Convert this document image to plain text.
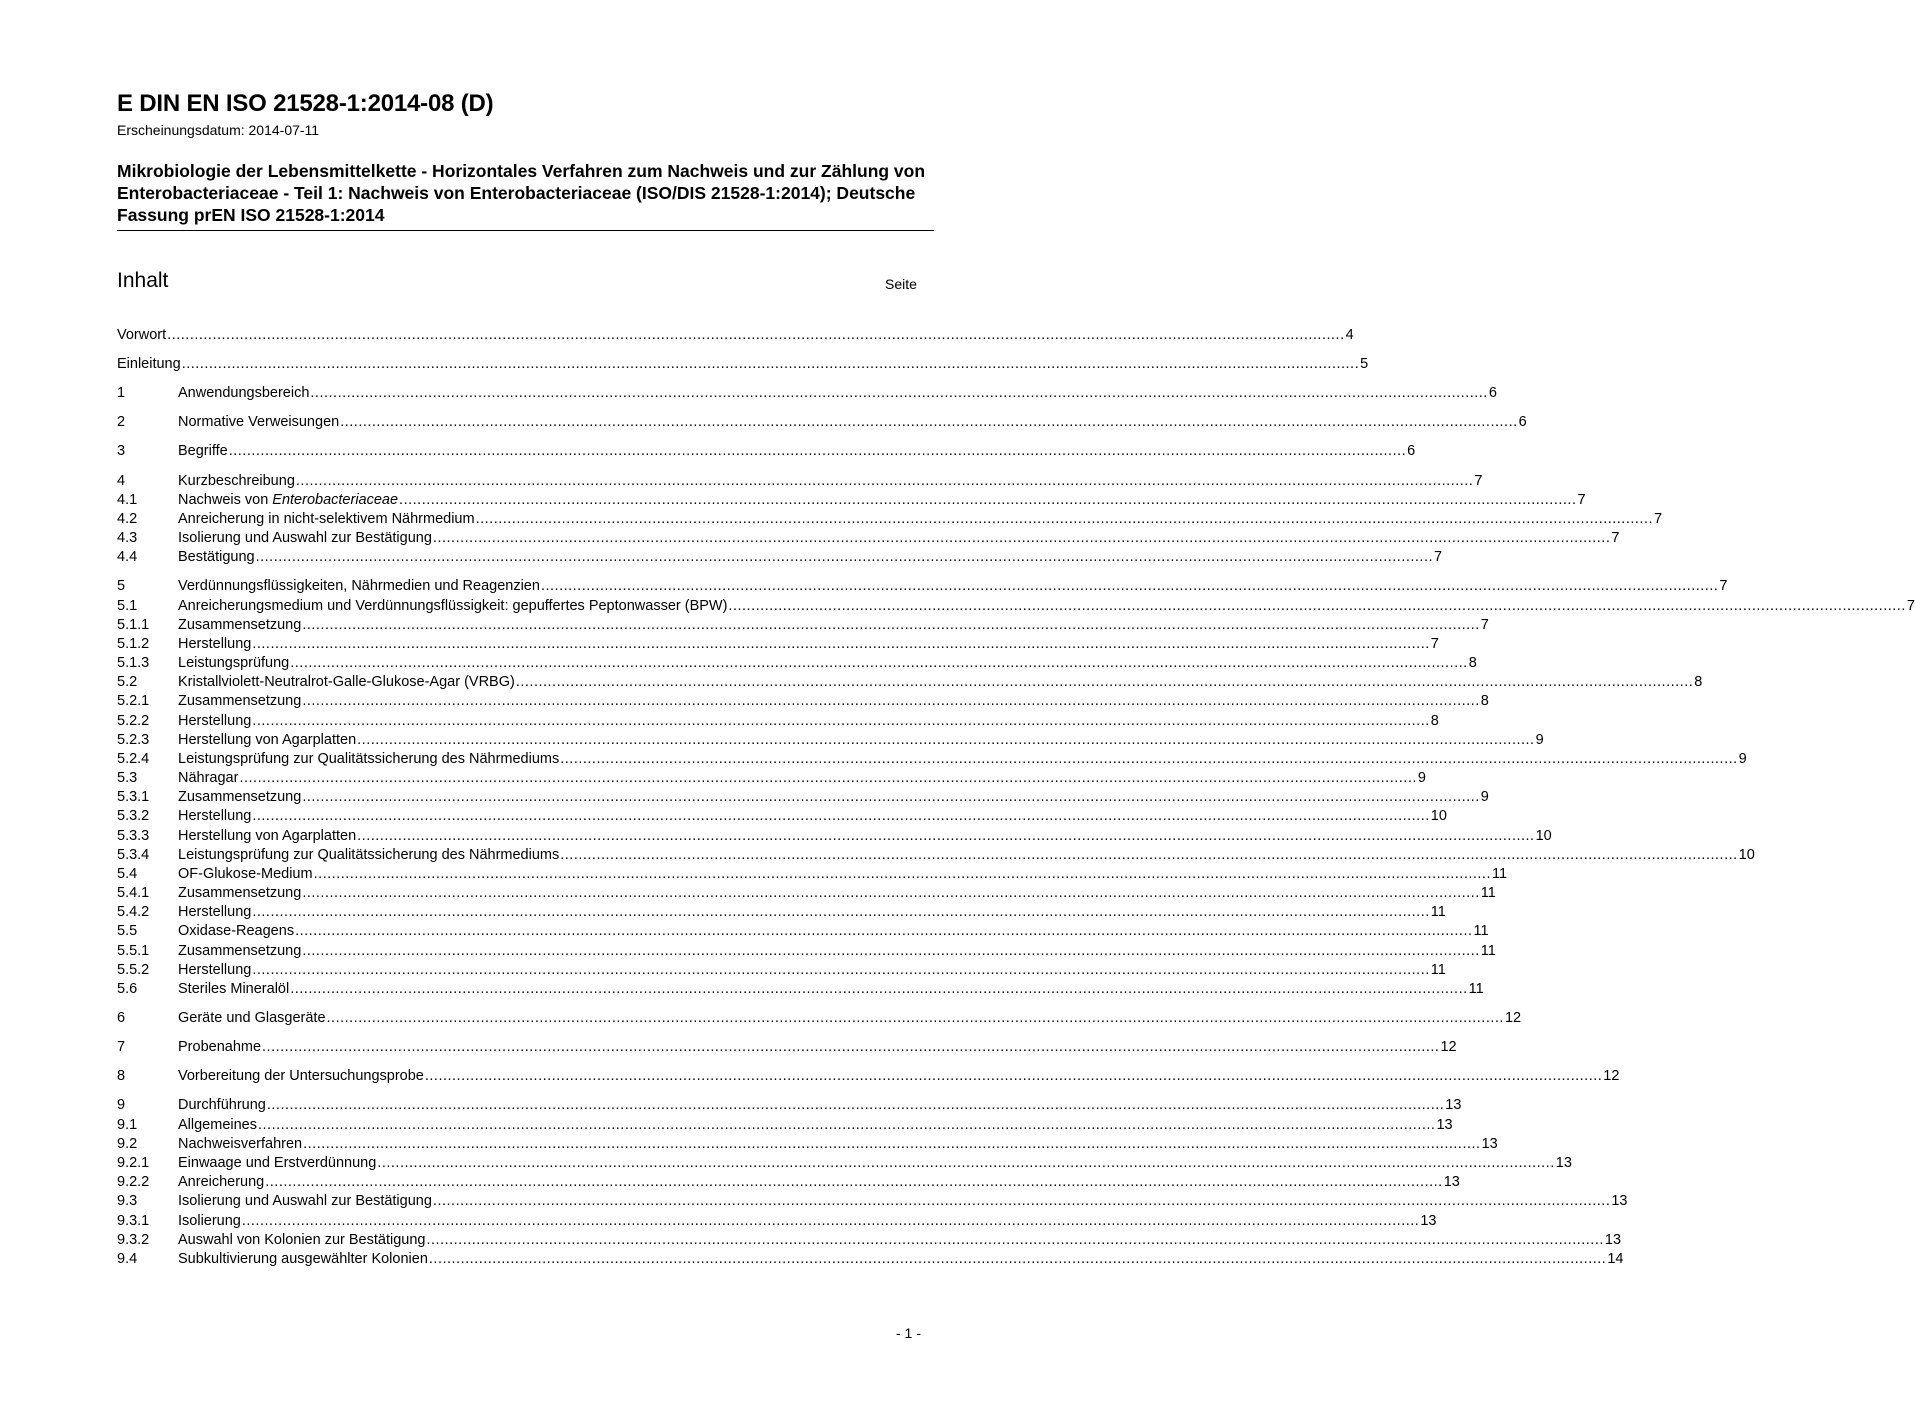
E DIN EN ISO 21528-1:2014-08 (D)
Erscheinungsdatum: 2014-07-11
Mikrobiologie der Lebensmittelkette - Horizontales Verfahren zum Nachweis und zur Zählung von Enterobacteriaceae - Teil 1: Nachweis von Enterobacteriaceae (ISO/DIS 21528-1:2014); Deutsche Fassung prEN ISO 21528-1:2014
Inhalt	Seite
Vorwort .................................................................................................................................................................................................................................................................... 4
Einleitung .................................................................................................................................................................................................................................................................... 5
1	Anwendungsbereich .................................................................................................................................................................................................................................................................... 6
2	Normative Verweisungen .................................................................................................................................................................................................................................................................... 6
3	Begriffe .................................................................................................................................................................................................................................................................... 6
4	Kurzbeschreibung .................................................................................................................................................................................................................................................................... 7
4.1	Nachweis von Enterobacteriaceae .................................................................................................................................................................................................................................................................... 7
4.2	Anreicherung in nicht-selektivem Nährmedium .................................................................................................................................................................................................................................................................... 7
4.3	Isolierung und Auswahl zur Bestätigung .................................................................................................................................................................................................................................................................... 7
4.4	Bestätigung .................................................................................................................................................................................................................................................................... 7
5	Verdünnungsflüssigkeiten, Nährmedien und Reagenzien .................................................................................................................................................................................................................................................................... 7
5.1	Anreicherungsmedium und Verdünnungsflüssigkeit: gepuffertes Peptonwasser (BPW) .................................................................................................................................................................................................................................................................... 7
5.1.1	Zusammensetzung .................................................................................................................................................................................................................................................................... 7
5.1.2	Herstellung .................................................................................................................................................................................................................................................................... 7
5.1.3	Leistungsprüfung .................................................................................................................................................................................................................................................................... 8
5.2	Kristallviolett-Neutralrot-Galle-Glukose-Agar (VRBG) .................................................................................................................................................................................................................................................................... 8
5.2.1	Zusammensetzung .................................................................................................................................................................................................................................................................... 8
5.2.2	Herstellung .................................................................................................................................................................................................................................................................... 8
5.2.3	Herstellung von Agarplatten .................................................................................................................................................................................................................................................................... 9
5.2.4	Leistungsprüfung zur Qualitätssicherung des Nährmediums .................................................................................................................................................................................................................................................................... 9
5.3	Nähragar .................................................................................................................................................................................................................................................................... 9
5.3.1	Zusammensetzung .................................................................................................................................................................................................................................................................... 9
5.3.2	Herstellung .................................................................................................................................................................................................................................................................... 10
5.3.3	Herstellung von Agarplatten .................................................................................................................................................................................................................................................................... 10
5.3.4	Leistungsprüfung zur Qualitätssicherung des Nährmediums .................................................................................................................................................................................................................................................................... 10
5.4	OF-Glukose-Medium .................................................................................................................................................................................................................................................................... 11
5.4.1	Zusammensetzung .................................................................................................................................................................................................................................................................... 11
5.4.2	Herstellung .................................................................................................................................................................................................................................................................... 11
5.5	Oxidase-Reagens .................................................................................................................................................................................................................................................................... 11
5.5.1	Zusammensetzung .................................................................................................................................................................................................................................................................... 11
5.5.2	Herstellung .................................................................................................................................................................................................................................................................... 11
5.6	Steriles Mineralöl .................................................................................................................................................................................................................................................................... 11
6	Geräte und Glasgeräte .................................................................................................................................................................................................................................................................... 12
7	Probenahme .................................................................................................................................................................................................................................................................... 12
8	Vorbereitung der Untersuchungsprobe .................................................................................................................................................................................................................................................................... 12
9	Durchführung .................................................................................................................................................................................................................................................................... 13
9.1	Allgemeines .................................................................................................................................................................................................................................................................... 13
9.2	Nachweisverfahren .................................................................................................................................................................................................................................................................... 13
9.2.1	Einwaage und Erstverdünnung .................................................................................................................................................................................................................................................................... 13
9.2.2	Anreicherung .................................................................................................................................................................................................................................................................... 13
9.3	Isolierung und Auswahl zur Bestätigung .................................................................................................................................................................................................................................................................... 13
9.3.1	Isolierung .................................................................................................................................................................................................................................................................... 13
9.3.2	Auswahl von Kolonien zur Bestätigung .................................................................................................................................................................................................................................................................... 13
9.4	Subkultivierung ausgewählter Kolonien .................................................................................................................................................................................................................................................................... 14
- 1 -
